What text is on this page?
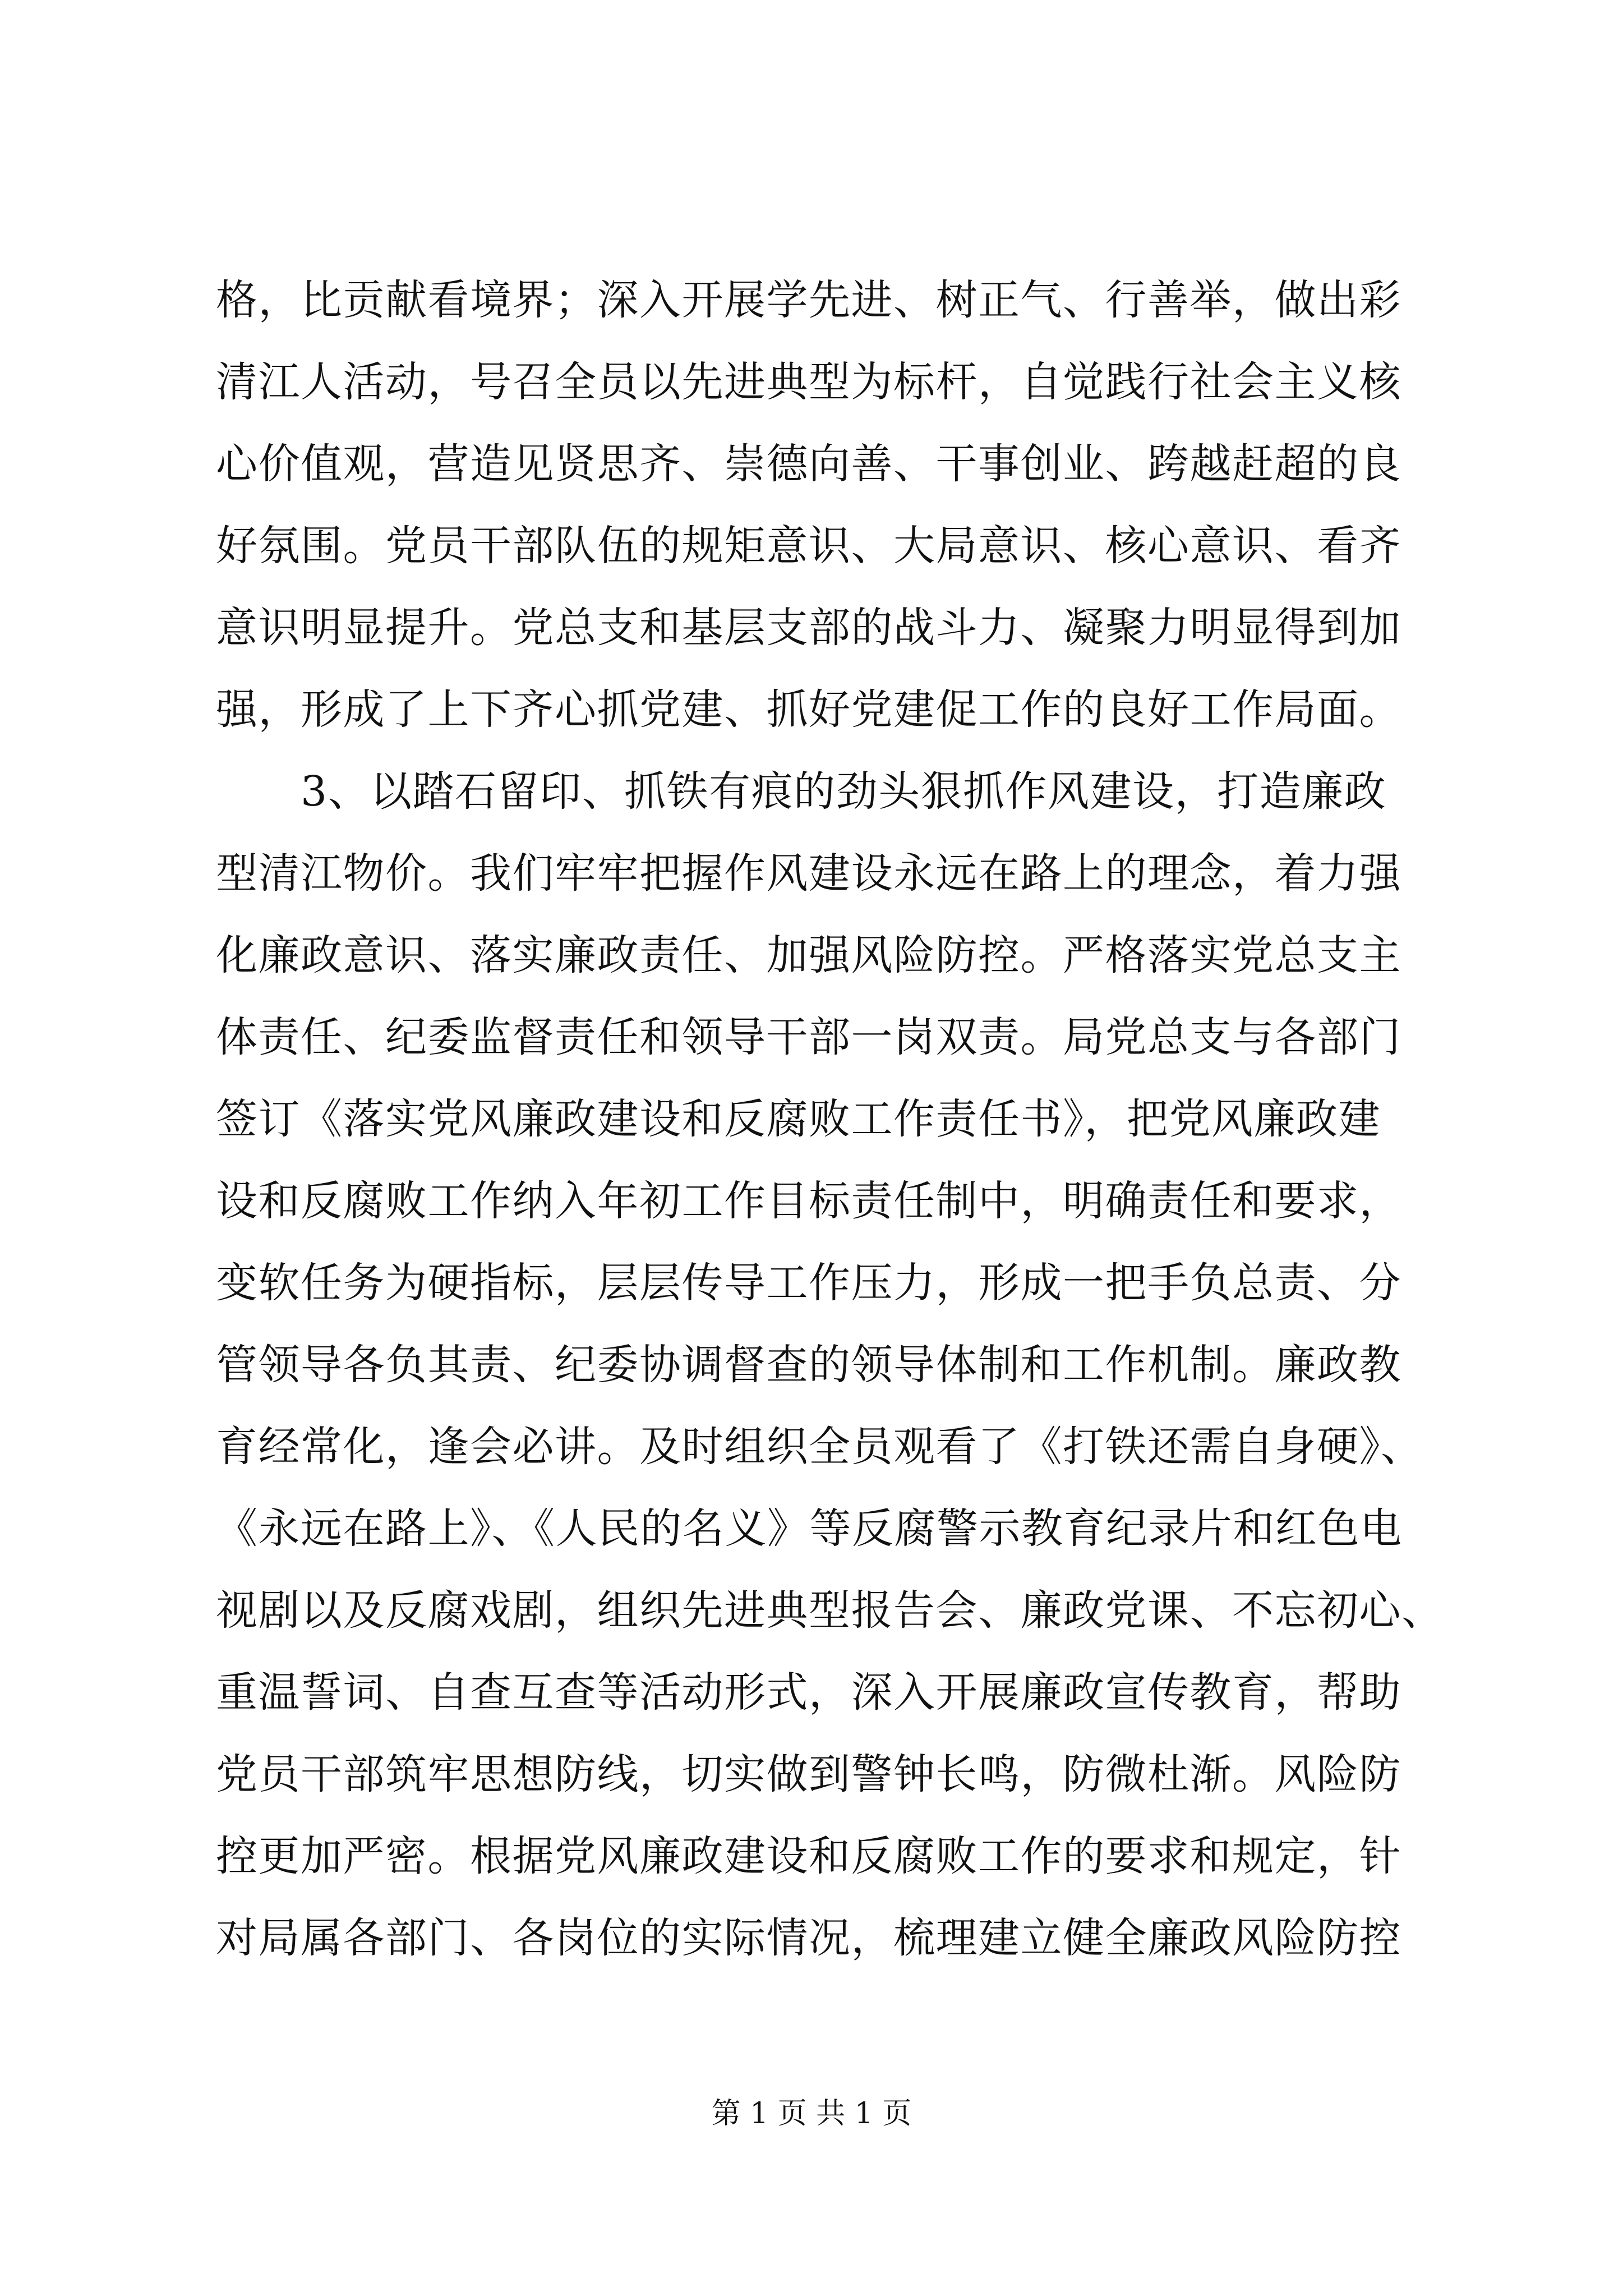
格，比贡献看境界；深入开展学先进、树正气、行善举，做出彩
清江人活动，号召全员以先进典型为标杆，自觉践行社会主义核
心价值观，营造见贤思齐、崇德向善、干事创业、跨越赶超的良
好氛围。党员干部队伍的规矩意识、大局意识、核心意识、看齐
意识明显提升。党总支和基层支部的战斗力、凝聚力明显得到加
强，形成了上下齐心抓党建、抓好党建促工作的良好工作局面。
　　3、以踏石留印、抓铁有痕的劲头狠抓作风建设，打造廉政
型清江物价。我们牢牢把握作风建设永远在路上的理念，着力强
化廉政意识、落实廉政责任、加强风险防控。严格落实党总支主
体责任、纪委监督责任和领导干部一岗双责。局党总支与各部门
签订《落实党风廉政建设和反腐败工作责任书》，把党风廉政建
设和反腐败工作纳入年初工作目标责任制中，明确责任和要求，
变软任务为硬指标，层层传导工作压力，形成一把手负总责、分
管领导各负其责、纪委协调督查的领导体制和工作机制。廉政教
育经常化，逢会必讲。及时组织全员观看了《打铁还需自身硬》、
《永远在路上》、《人民的名义》等反腐警示教育纪录片和红色电
视剧以及反腐戏剧，组织先进典型报告会、廉政党课、不忘初心、
重温誓词、自查互查等活动形式，深入开展廉政宣传教育，帮助
党员干部筑牢思想防线，切实做到警钟长鸣，防微杜渐。风险防
控更加严密。根据党风廉政建设和反腐败工作的要求和规定，针
对局属各部门、各岗位的实际情况，梳理建立健全廉政风险防控
第 1 页 共 1 页
